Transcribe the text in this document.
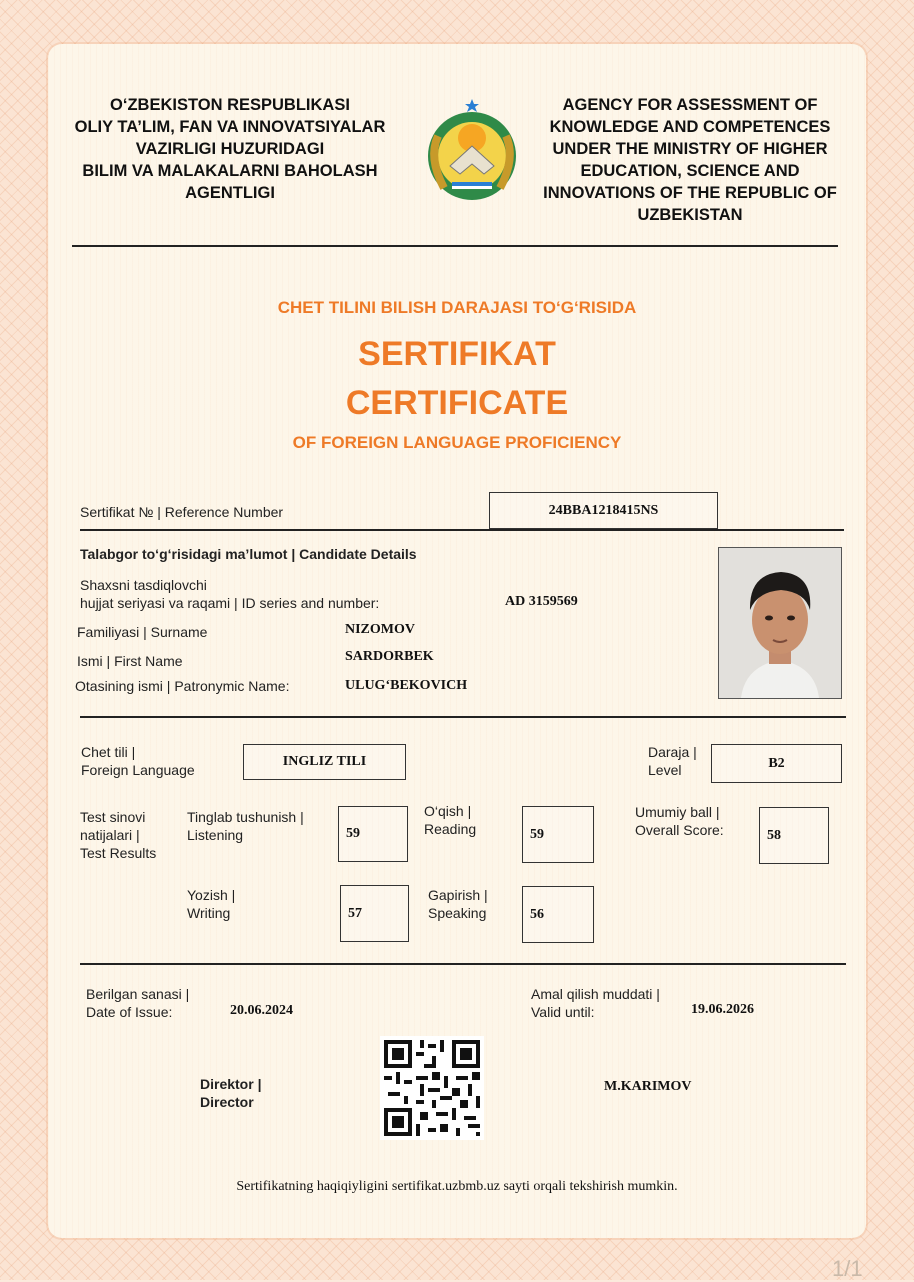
O‘ZBEKISTON RESPUBLIKASI
OLIY TA’LIM, FAN VA INNOVATSIYALAR
VAZIRLIGI HUZURIDAGI
BILIM VA MALAKALARNI BAHOLASH
AGENTLIGI
AGENCY FOR ASSESSMENT OF
KNOWLEDGE AND COMPETENCES
UNDER THE MINISTRY OF HIGHER
EDUCATION, SCIENCE AND
INNOVATIONS OF THE REPUBLIC OF
UZBEKISTAN
CHET TILINI BILISH DARAJASI TO‘G‘RISIDA
SERTIFIKAT
CERTIFICATE
OF FOREIGN LANGUAGE PROFICIENCY
Sertifikat № | Reference Number	24BBA1218415NS
Talabgor to‘g‘risidagi ma’lumot | Candidate Details
Shaxsni tasdiqlovchi
hujjat seriyasi va raqami | ID series and number:	AD 3159569
Familiyasi | Surname	NIZOMOV
Ismi | First Name	SARDORBEK
Otasining ismi | Patronymic Name:	ULUG‘BEKOVICH
Chet tili |
Foreign Language
INGLIZ TILI
Daraja |
Level	B2
Test sinovi
natijalari |
Test Results
Tinglab tushunish |
Listening	59
O‘qish |
Reading	59
Umumiy ball |
Overall Score:	58
Yozish |
Writing	57
Gapirish |
Speaking	56
Berilgan sanasi |
Date of Issue:	20.06.2024
Amal qilish muddati |
Valid until:	19.06.2026
Direktor |
Director
M.KARIMOV
Sertifikatning haqiqiyligini sertifikat.uzbmb.uz sayti orqali tekshirish mumkin.
1/1
